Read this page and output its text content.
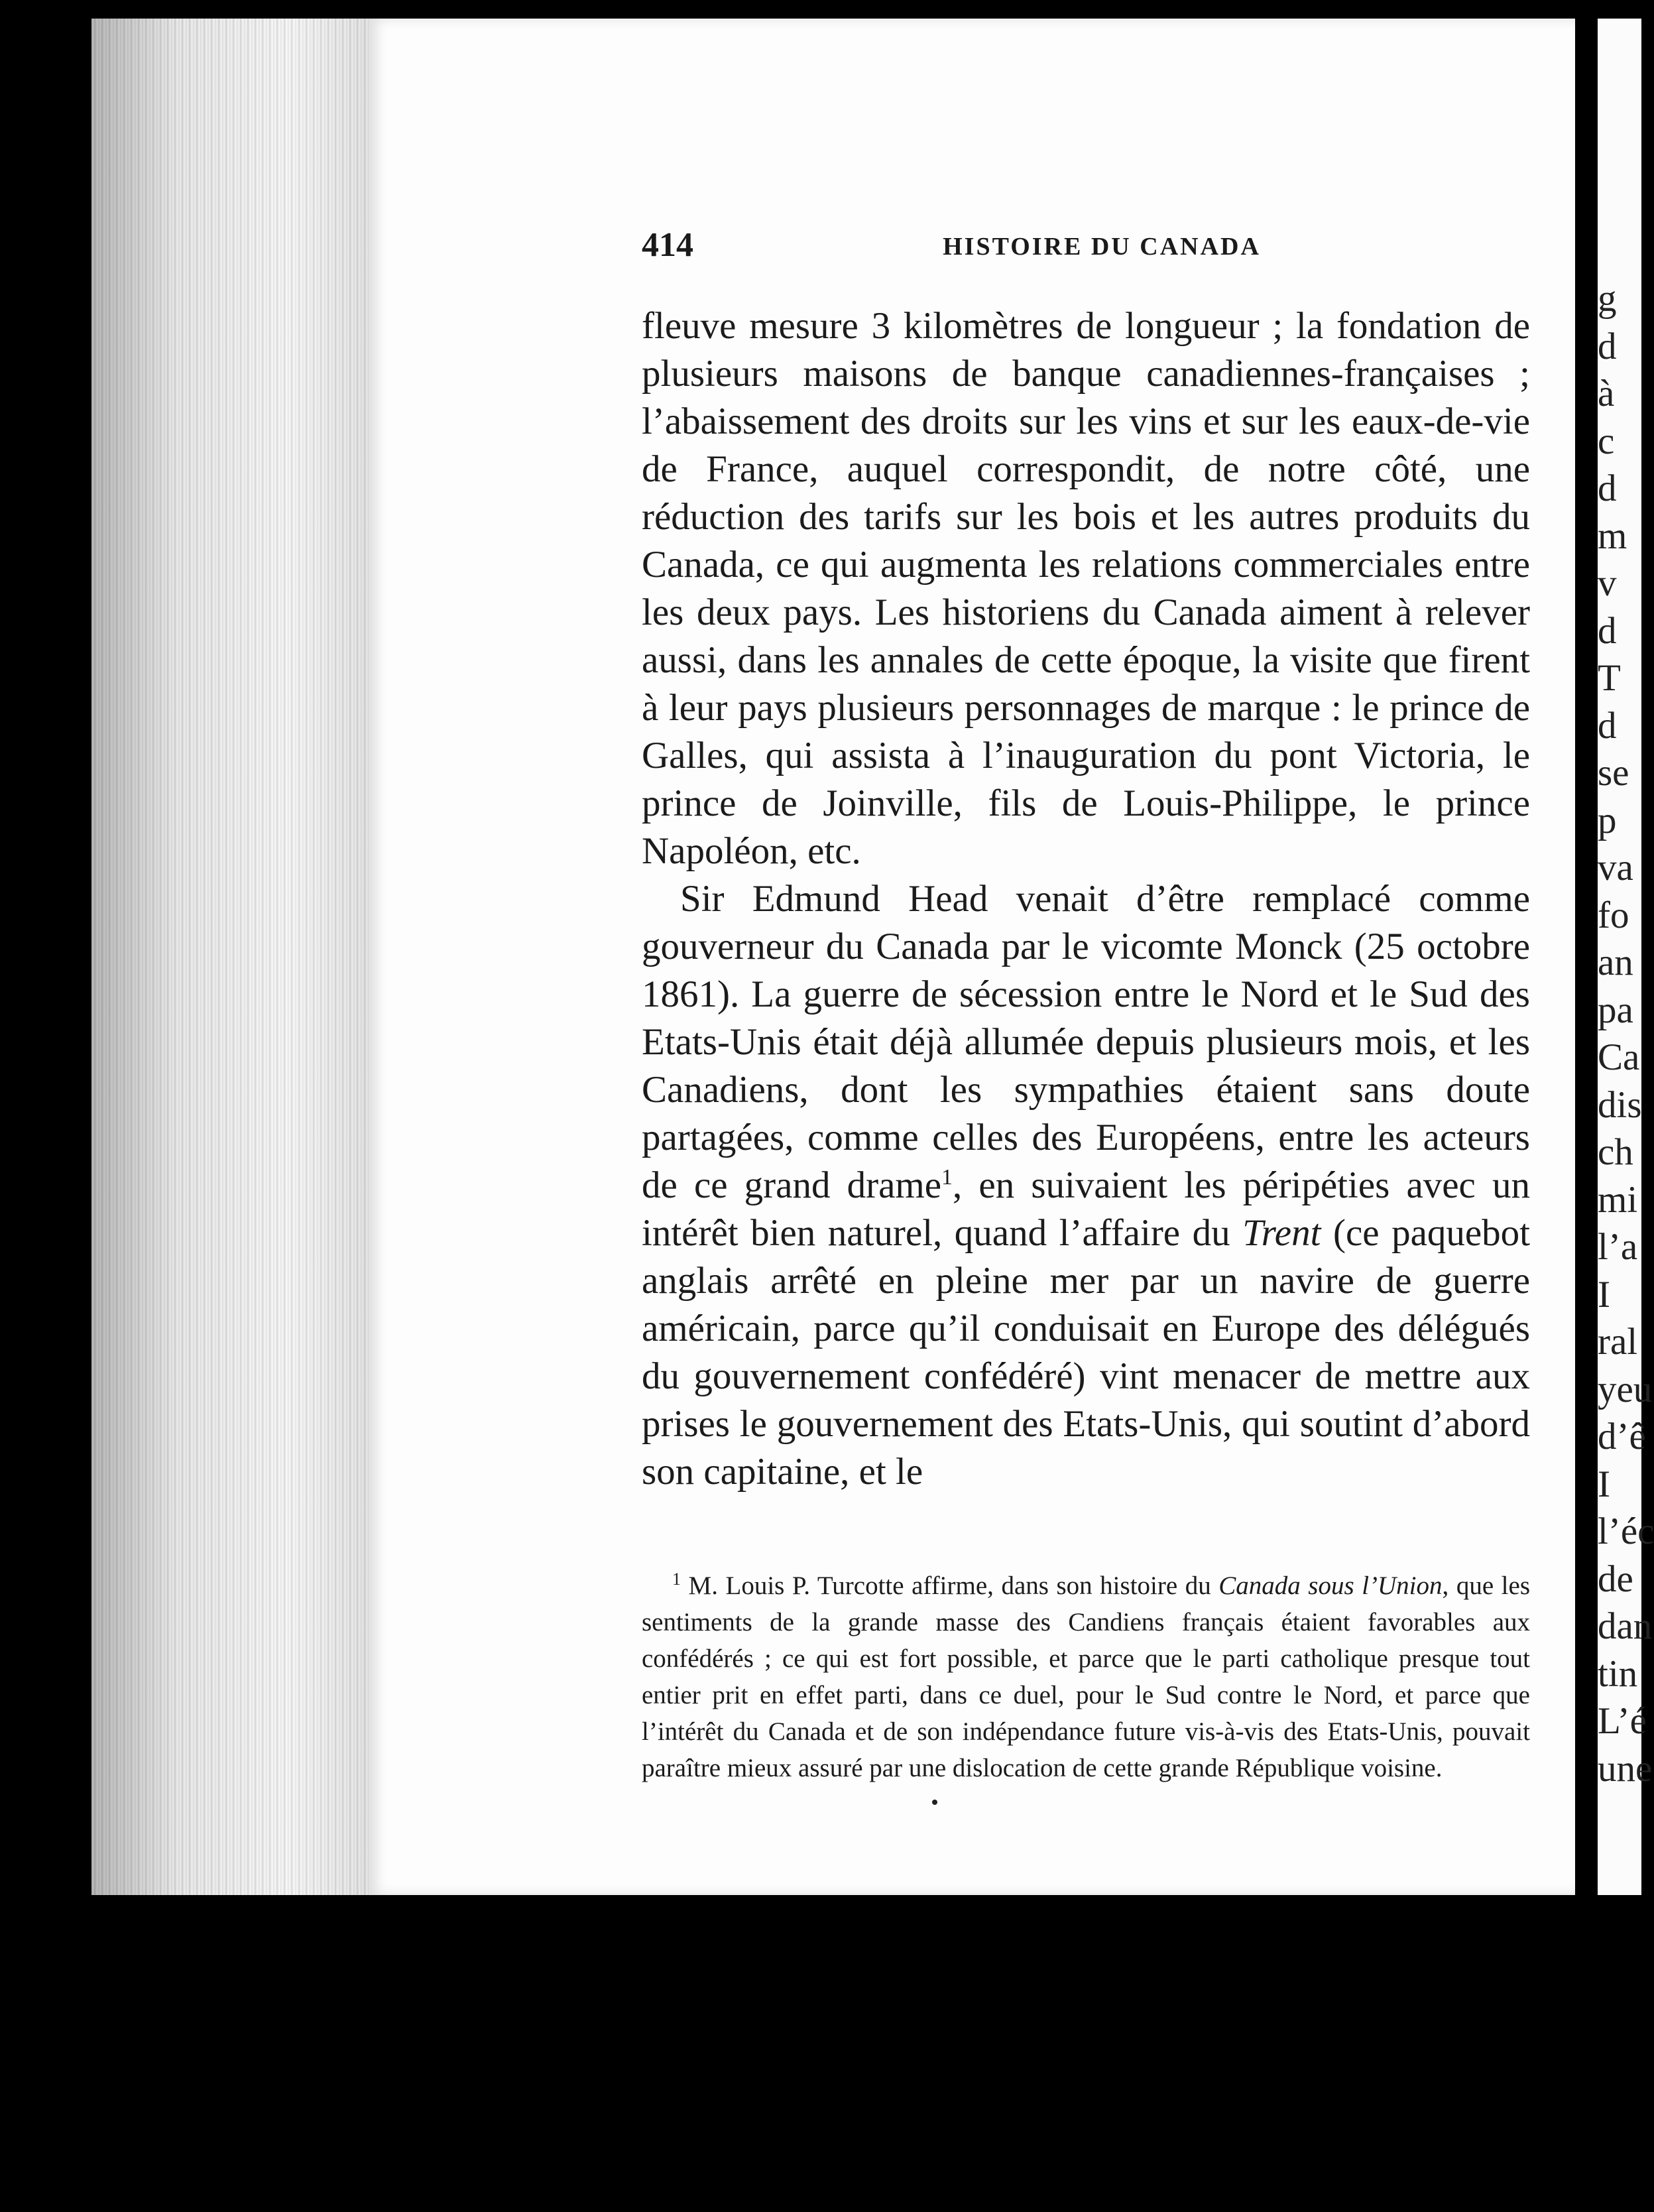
414	HISTOIRE DU CANADA

fleuve mesure 3 kilomètres de longueur ; la fondation de plusieurs maisons de banque canadiennes-françaises ; l’abaissement des droits sur les vins et sur les eaux-de-vie de France, auquel correspondit, de notre côté, une réduction des tarifs sur les bois et les autres produits du Canada, ce qui augmenta les relations commerciales entre les deux pays. Les historiens du Canada aiment à relever aussi, dans les annales de cette époque, la visite que firent à leur pays plusieurs personnages de marque : le prince de Galles, qui assista à l’inauguration du pont Victoria, le prince de Joinville, fils de Louis-Philippe, le prince Napoléon, etc.

Sir Edmund Head venait d’être remplacé comme gouverneur du Canada par le vicomte Monck (25 octobre 1861). La guerre de sécession entre le Nord et le Sud des Etats-Unis était déjà allumée depuis plusieurs mois, et les Canadiens, dont les sympathies étaient sans doute partagées, comme celles des Européens, entre les acteurs de ce grand drame$^1$, en suivaient les péripéties avec un intérêt bien naturel, quand l’affaire du Trent (ce paquebot anglais arrêté en pleine mer par un navire de guerre américain, parce qu’il conduisait en Europe des délégués du gouvernement confédéré) vint menacer de mettre aux prises le gouvernement des Etats-Unis, qui soutint d’abord son capitaine, et le

$^1$ M. Louis P. Turcotte affirme, dans son histoire du Canada sous l’Union, que les sentiments de la grande masse des Candiens français étaient favorables aux confédérés ; ce qui est fort possible, et parce que le parti catholique presque tout entier prit en effet parti, dans ce duel, pour le Sud contre le Nord, et parce que l’intérêt du Canada et de son indépendance future vis-à-vis des Etats-Unis, pouvait paraître mieux assuré par une dislocation de cette grande République voisine.
g
d
à
c
d
m
v
d
T
d
se
p
va
fo
an
pa
Ca
dis
ch
mi
l’a
I
ral
yeu
d’ê
I
l’éc
de
dan
tin
L’é
une
